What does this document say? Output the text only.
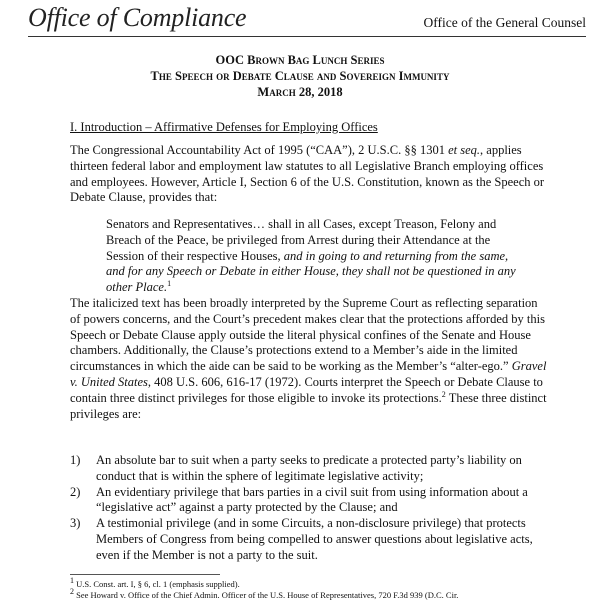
Office of Compliance	Office of the General Counsel
OOC Brown Bag Lunch Series
The Speech or Debate Clause and Sovereign Immunity
March 28, 2018
I. Introduction – Affirmative Defenses for Employing Offices
The Congressional Accountability Act of 1995 (“CAA”), 2 U.S.C. §§ 1301 et seq., applies thirteen federal labor and employment law statutes to all Legislative Branch employing offices and employees. However, Article I, Section 6 of the U.S. Constitution, known as the Speech or Debate Clause, provides that:
Senators and Representatives… shall in all Cases, except Treason, Felony and Breach of the Peace, be privileged from Arrest during their Attendance at the Session of their respective Houses, and in going to and returning from the same, and for any Speech or Debate in either House, they shall not be questioned in any other Place.$^1$
The italicized text has been broadly interpreted by the Supreme Court as reflecting separation of powers concerns, and the Court’s precedent makes clear that the protections afforded by this Speech or Debate Clause apply outside the literal physical confines of the Senate and House chambers. Additionally, the Clause’s protections extend to a Member’s aide in the limited circumstances in which the aide can be said to be working as the Member’s “alter-ego.” Gravel v. United States, 408 U.S. 606, 616-17 (1972). Courts interpret the Speech or Debate Clause to contain three distinct privileges for those eligible to invoke its protections.$^2$ These three distinct privileges are:
1) An absolute bar to suit when a party seeks to predicate a protected party’s liability on conduct that is within the sphere of legitimate legislative activity;
2) An evidentiary privilege that bars parties in a civil suit from using information about a “legislative act” against a party protected by the Clause; and
3) A testimonial privilege (and in some Circuits, a non-disclosure privilege) that protects Members of Congress from being compelled to answer questions about legislative acts, even if the Member is not a party to the suit.
$^1$ U.S. Const. art. I, § 6, cl. 1 (emphasis supplied).
$^2$ See Howard v. Office of the Chief Admin. Officer of the U.S. House of Representatives, 720 F.3d 939 (D.C. Cir.
